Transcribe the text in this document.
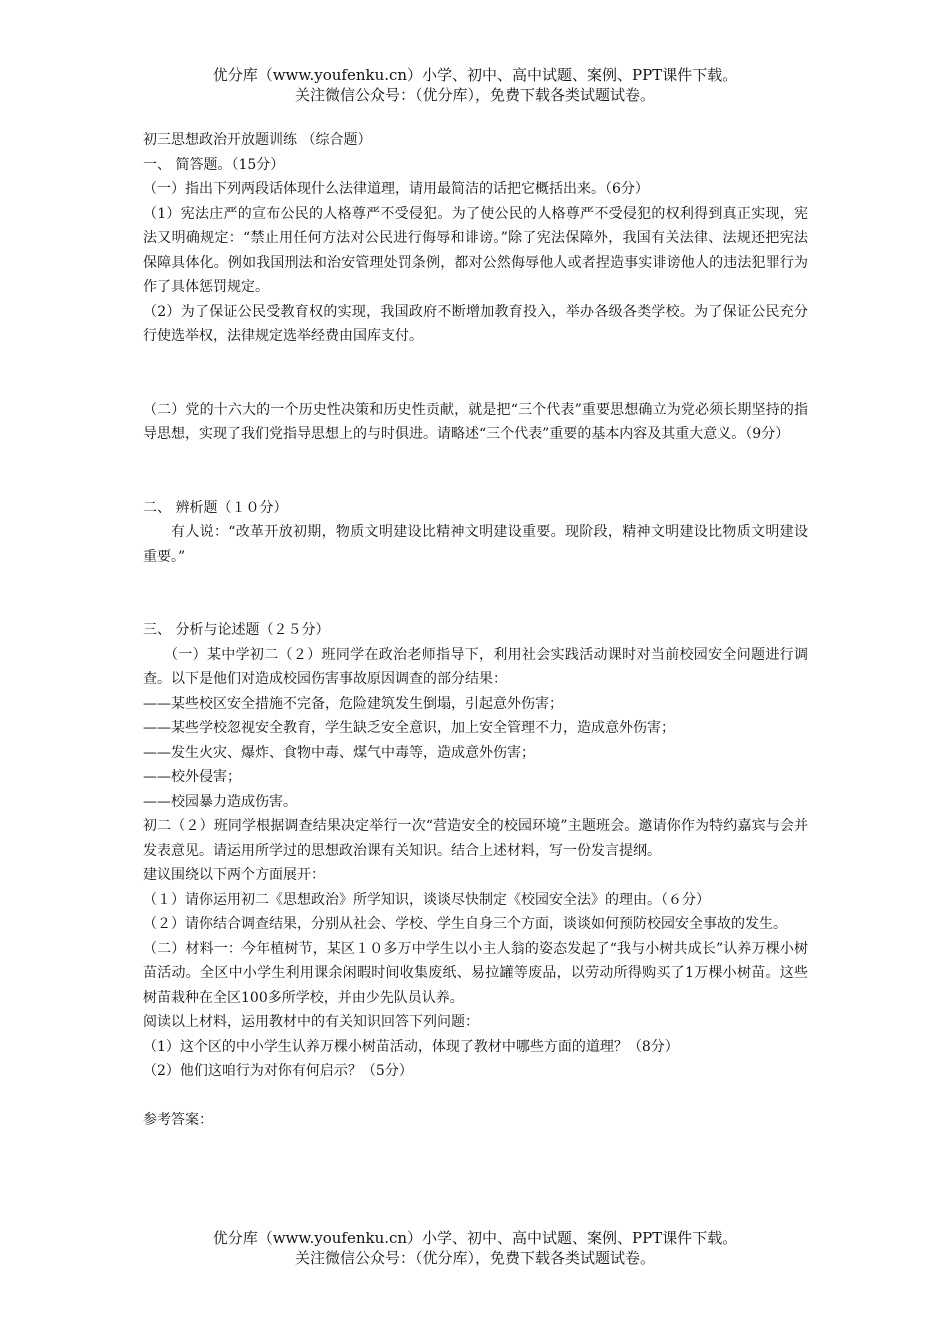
优分库（www.youfenku.cn）小学、初中、高中试题、案例、PPT课件下载。
关注微信公众号：（优分库），免费下载各类试题试卷。

初三思想政治开放题训练 （综合题）

一、 简答题。（15分）

（一）指出下列两段话体现什么法律道理，请用最简洁的话把它概括出来。（6分）

（1）宪法庄严的宣布公民的人格尊严不受侵犯。为了使公民的人格尊严不受侵犯的权利得到真正实现，宪法又明确规定：“禁止用任何方法对公民进行侮辱和诽谤。”除了宪法保障外，我国有关法律、法规还把宪法保障具体化。例如我国刑法和治安管理处罚条例，都对公然侮辱他人或者捏造事实诽谤他人的违法犯罪行为作了具体惩罚规定。

（2）为了保证公民受教育权的实现，我国政府不断增加教育投入，举办各级各类学校。为了保证公民充分行使选举权，法律规定选举经费由国库支付。

（二）党的十六大的一个历史性决策和历史性贡献，就是把“三个代表”重要思想确立为党必须长期坚持的指导思想，实现了我们党指导思想上的与时俱进。请略述“三个代表”重要的基本内容及其重大意义。（9分）

二、 辨析题（１０分）

有人说：“改革开放初期，物质文明建设比精神文明建设重要。现阶段，精神文明建设比物质文明建设重要。”

三、 分析与论述题（２５分）

（一）某中学初二（２）班同学在政治老师指导下，利用社会实践活动课时对当前校园安全问题进行调查。以下是他们对造成校园伤害事故原因调查的部分结果：

——某些校区安全措施不完备，危险建筑发生倒塌，引起意外伤害；

——某些学校忽视安全教育，学生缺乏安全意识，加上安全管理不力，造成意外伤害；

——发生火灾、爆炸、食物中毒、煤气中毒等，造成意外伤害；

——校外侵害；

——校园暴力造成伤害。

初二（２）班同学根据调查结果决定举行一次“营造安全的校园环境”主题班会。邀请你作为特约嘉宾与会并发表意见。请运用所学过的思想政治课有关知识。结合上述材料，写一份发言提纲。

建议围绕以下两个方面展开：

（１）请你运用初二《思想政治》所学知识，谈谈尽快制定《校园安全法》的理由。（６分）

（２）请你结合调查结果，分别从社会、学校、学生自身三个方面，谈谈如何预防校园安全事故的发生。

（二）材料一：今年植树节，某区１０多万中学生以小主人翁的姿态发起了“我与小树共成长”认养万棵小树苗活动。全区中小学生利用课余闲暇时间收集废纸、易拉罐等废品，以劳动所得购买了1万棵小树苗。这些树苗栽种在全区100多所学校，并由少先队员认养。

阅读以上材料，运用教材中的有关知识回答下列问题：

（1）这个区的中小学生认养万棵小树苗活动，体现了教材中哪些方面的道理？（8分）

（2）他们这咱行为对你有何启示？（5分）

参考答案：

优分库（www.youfenku.cn）小学、初中、高中试题、案例、PPT课件下载。
关注微信公众号：（优分库），免费下载各类试题试卷。
